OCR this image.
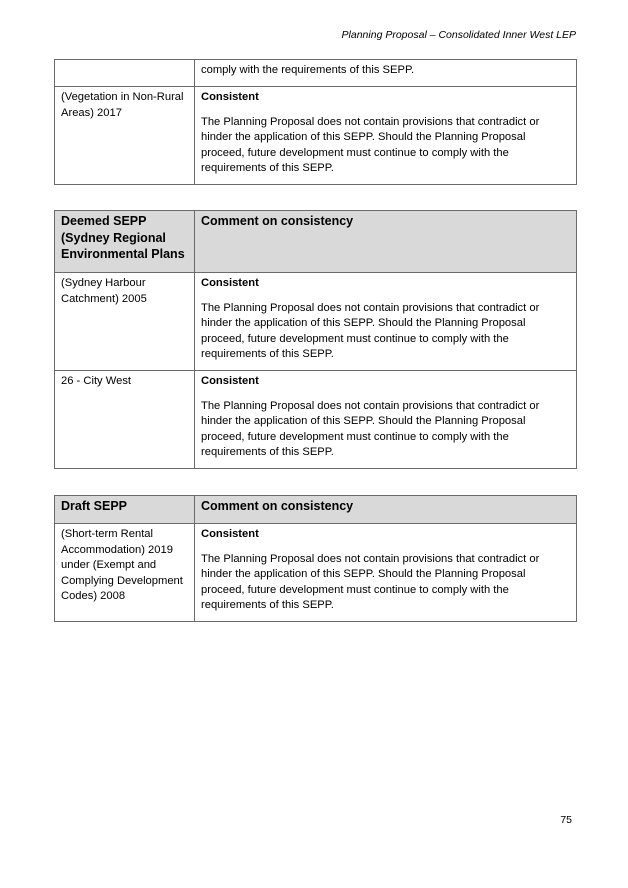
Planning Proposal – Consolidated Inner West LEP
	comply with the requirements of this SEPP.
(Vegetation in Non-Rural Areas) 2017	Consistent
The Planning Proposal does not contain provisions that contradict or hinder the application of this SEPP. Should the Planning Proposal proceed, future development must continue to comply with the requirements of this SEPP.
Deemed SEPP (Sydney Regional Environmental Plans	Comment on consistency
(Sydney Harbour Catchment) 2005	Consistent
The Planning Proposal does not contain provisions that contradict or hinder the application of this SEPP. Should the Planning Proposal proceed, future development must continue to comply with the requirements of this SEPP.

26 - City West	Consistent
The Planning Proposal does not contain provisions that contradict or hinder the application of this SEPP. Should the Planning Proposal proceed, future development must continue to comply with the requirements of this SEPP.
Draft SEPP	Comment on consistency
(Short-term Rental Accommodation) 2019 under (Exempt and Complying Development Codes) 2008	Consistent
The Planning Proposal does not contain provisions that contradict or hinder the application of this SEPP. Should the Planning Proposal proceed, future development must continue to comply with the requirements of this SEPP.
75
